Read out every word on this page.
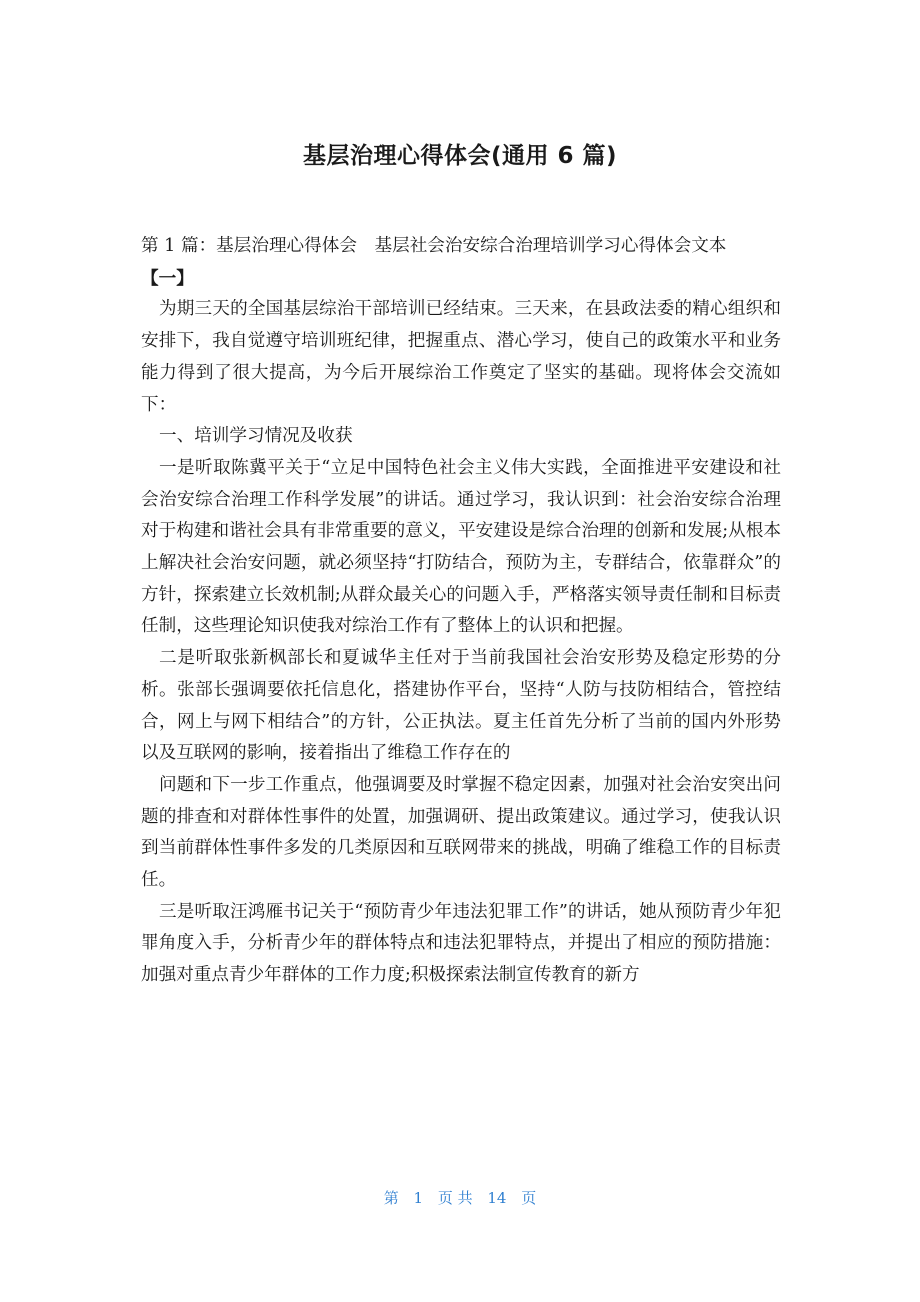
基层治理心得体会(通用 6 篇)

第 1 篇：基层治理心得体会　基层社会治安综合治理培训学习心得体会文本

【一】

为期三天的全国基层综治干部培训已经结束。三天来，在县政法委的精心组织和安排下，我自觉遵守培训班纪律，把握重点、潜心学习，使自己的政策水平和业务能力得到了很大提高，为今后开展综治工作奠定了坚实的基础。现将体会交流如下：

一、培训学习情况及收获

一是听取陈冀平关于“立足中国特色社会主义伟大实践，全面推进平安建设和社会治安综合治理工作科学发展”的讲话。通过学习，我认识到：社会治安综合治理对于构建和谐社会具有非常重要的意义，平安建设是综合治理的创新和发展;从根本上解决社会治安问题，就必须坚持“打防结合，预防为主，专群结合，依靠群众”的方针，探索建立长效机制;从群众最关心的问题入手，严格落实领导责任制和目标责任制，这些理论知识使我对综治工作有了整体上的认识和把握。

二是听取张新枫部长和夏诚华主任对于当前我国社会治安形势及稳定形势的分析。张部长强调要依托信息化，搭建协作平台，坚持“人防与技防相结合，管控结合，网上与网下相结合”的方针，公正执法。夏主任首先分析了当前的国内外形势以及互联网的影响，接着指出了维稳工作存在的

问题和下一步工作重点，他强调要及时掌握不稳定因素，加强对社会治安突出问题的排查和对群体性事件的处置，加强调研、提出政策建议。通过学习，使我认识到当前群体性事件多发的几类原因和互联网带来的挑战，明确了维稳工作的目标责任。

三是听取汪鸿雁书记关于“预防青少年违法犯罪工作”的讲话，她从预防青少年犯罪角度入手，分析青少年的群体特点和违法犯罪特点，并提出了相应的预防措施：加强对重点青少年群体的工作力度;积极探索法制宣传教育的新方

第 1 页 共 14 页
